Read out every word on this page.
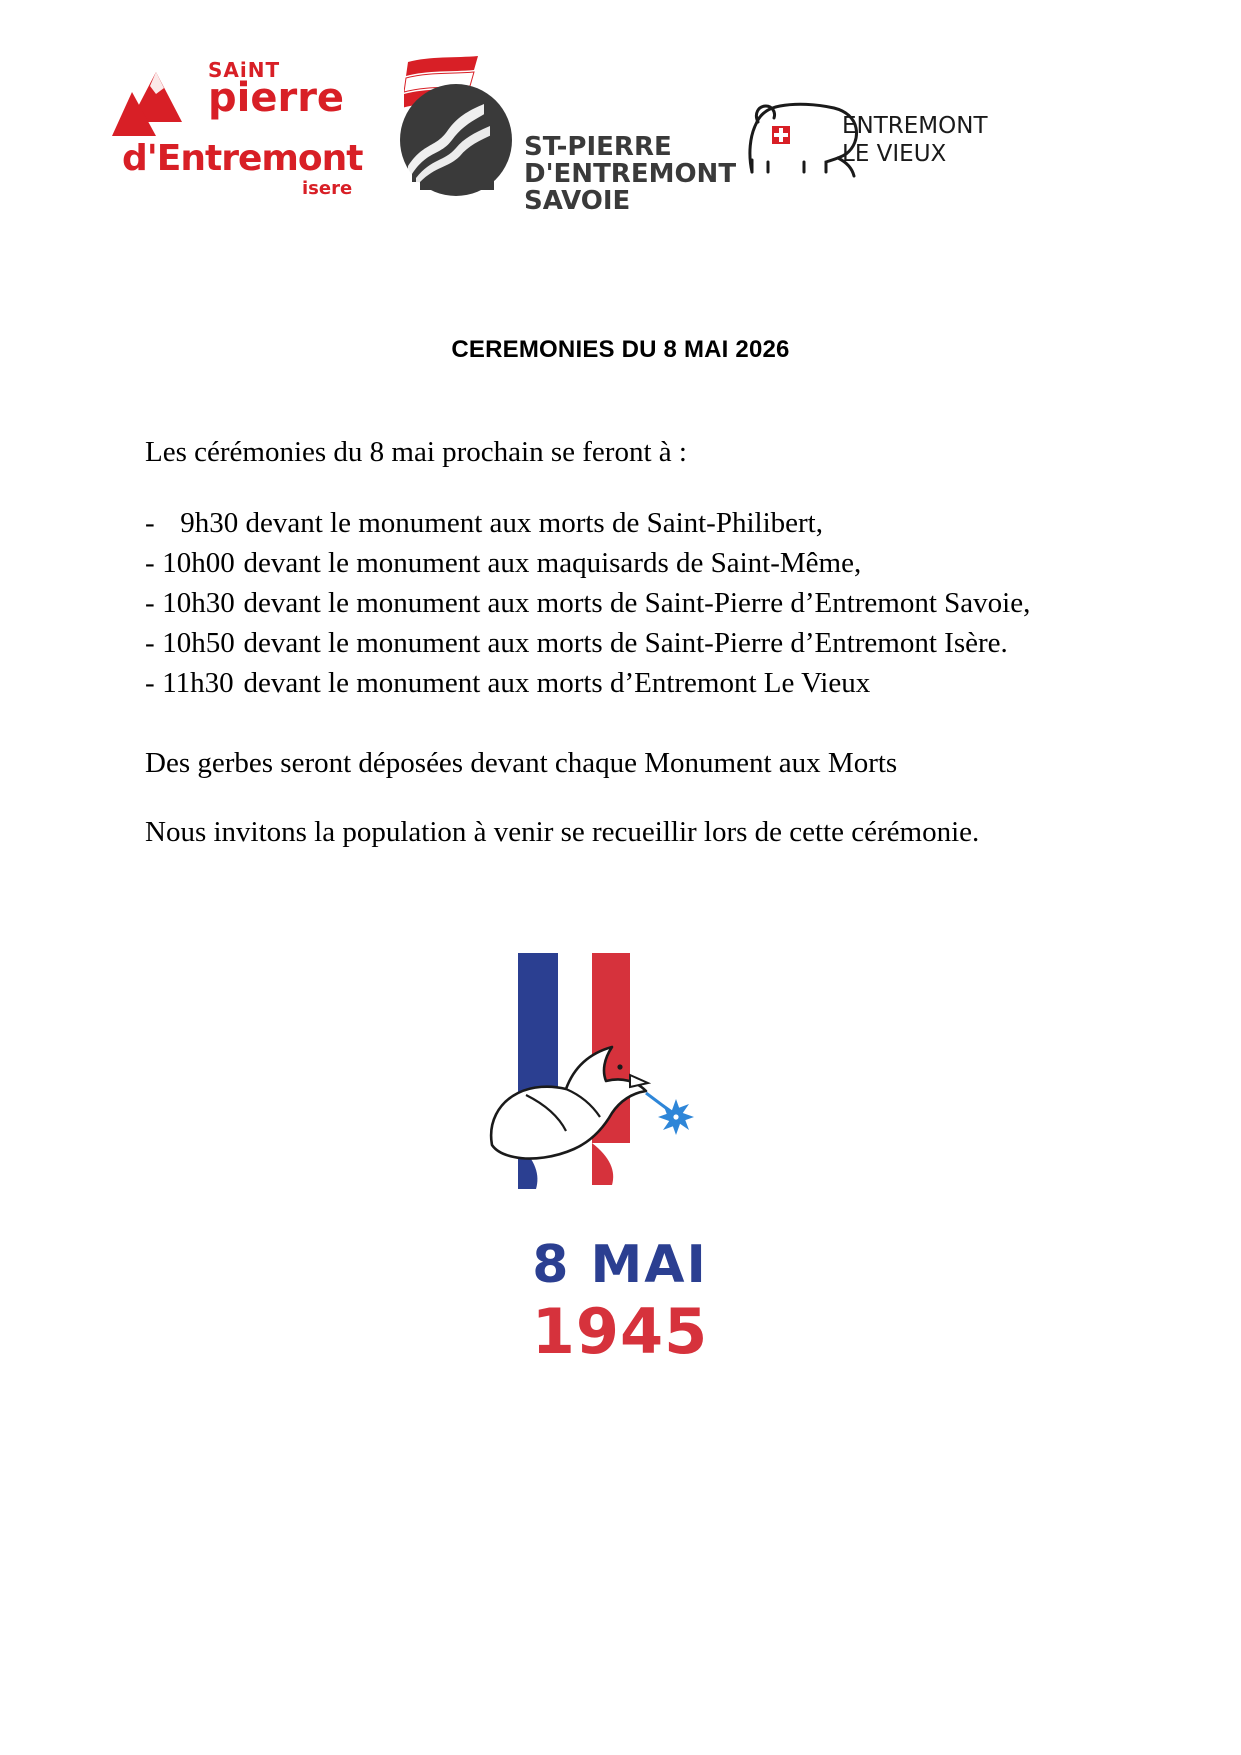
SAiNT
pierre
d'Entremont
isere
ST-PIERRE
D'ENTREMONT
SAVOIE
ENTREMONT
LE VIEUX
CEREMONIES DU 8 MAI 2026

Les cérémonies du 8 mai prochain se feront à :

- 9h30 devant le monument aux morts de Saint-Philibert,
- 10h00 devant le monument aux maquisards de Saint-Même,
- 10h30 devant le monument aux morts de Saint-Pierre d’Entremont Savoie,
- 10h50 devant le monument aux morts de Saint-Pierre d’Entremont Isère.
- 11h30 devant le monument aux morts d’Entremont Le Vieux

Des gerbes seront déposées devant chaque Monument aux Morts

Nous invitons la population à venir se recueillir lors de cette cérémonie.

8 MAI
1945
